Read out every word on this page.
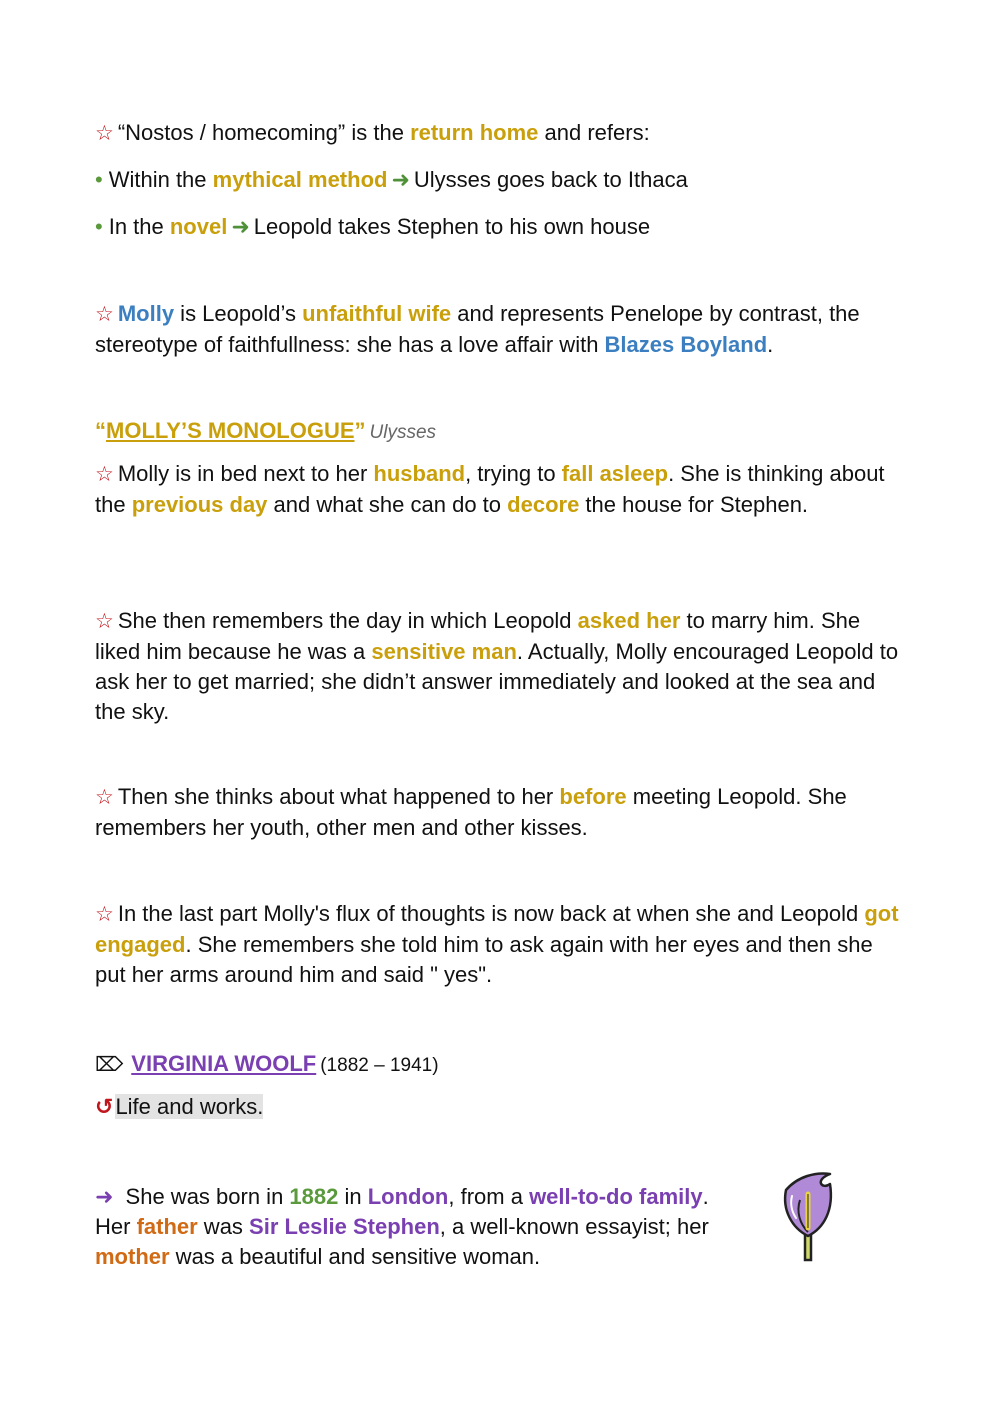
☆ “Nostos / homecoming” is the return home and refers:

• Within the mythical method ➜ Ulysses goes back to Ithaca

• In the novel ➜ Leopold takes Stephen to his own house

☆ Molly is Leopold’s unfaithful wife and represents Penelope by contrast, the stereotype of faithfullness: she has a love affair with Blazes Boyland.

“MOLLY’S MONOLOGUE” Ulysses

☆ Molly is in bed next to her husband, trying to fall asleep. She is thinking about the previous day and what she can do to decore the house for Stephen.

☆ She then remembers the day in which Leopold asked her to marry him. She liked him because he was a sensitive man. Actually, Molly encouraged Leopold to ask her to get married; she didn’t answer immediately and looked at the sea and the sky.

☆ Then she thinks about what happened to her before meeting Leopold. She remembers her youth, other men and other kisses.

☆ In the last part Molly's flux of thoughts is now back at when she and Leopold got engaged. She remembers she told him to ask again with her eyes and then she put her arms around him and said " yes".

⌦ VIRGINIA WOOLF (1882 – 1941)

↺Life and works.

➜ She was born in 1882 in London, from a well-to-do family. Her father was Sir Leslie Stephen, a well-known essayist; her mother was a beautiful and sensitive woman.
